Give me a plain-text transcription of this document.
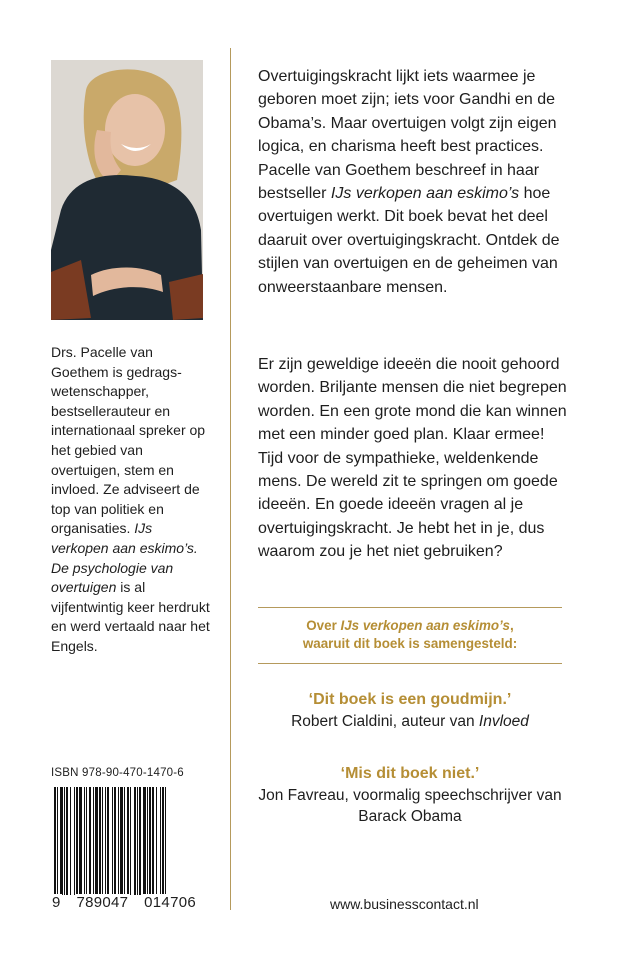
Drs. Pacelle van Goethem is gedragswetenschapper, bestsellerauteur en internationaal spreker op het gebied van overtuigen, stem en invloed. Ze adviseert de top van politiek en organisaties. IJs verkopen aan eskimo’s. De psychologie van overtuigen is al vijfentwintig keer herdrukt en werd vertaald naar het Engels.

ISBN 978-90-470-1470-6
9 789047 014706

Overtuigingskracht lijkt iets waarmee je geboren moet zijn; iets voor Gandhi en de Obama’s. Maar overtuigen volgt zijn eigen logica, en charisma heeft best practices. Pacelle van Goethem beschreef in haar bestseller IJs verkopen aan eskimo’s hoe overtuigen werkt. Dit boek bevat het deel daaruit over overtuigingskracht. Ontdek de stijlen van overtuigen en de geheimen van onweerstaanbare mensen.

Er zijn geweldige ideeën die nooit gehoord worden. Briljante mensen die niet begrepen worden. En een grote mond die kan winnen met een minder goed plan. Klaar ermee! Tijd voor de sympathieke, weldenkende mens. De wereld zit te springen om goede ideeën. En goede ideeën vragen al je overtuigingskracht. Je hebt het in je, dus waarom zou je het niet gebruiken?

Over IJs verkopen aan eskimo’s,
waaruit dit boek is samengesteld:

‘Dit boek is een goudmijn.’
Robert Cialdini, auteur van Invloed

‘Mis dit boek niet.’
Jon Favreau, voormalig speechschrijver van Barack Obama

www.businesscontact.nl
